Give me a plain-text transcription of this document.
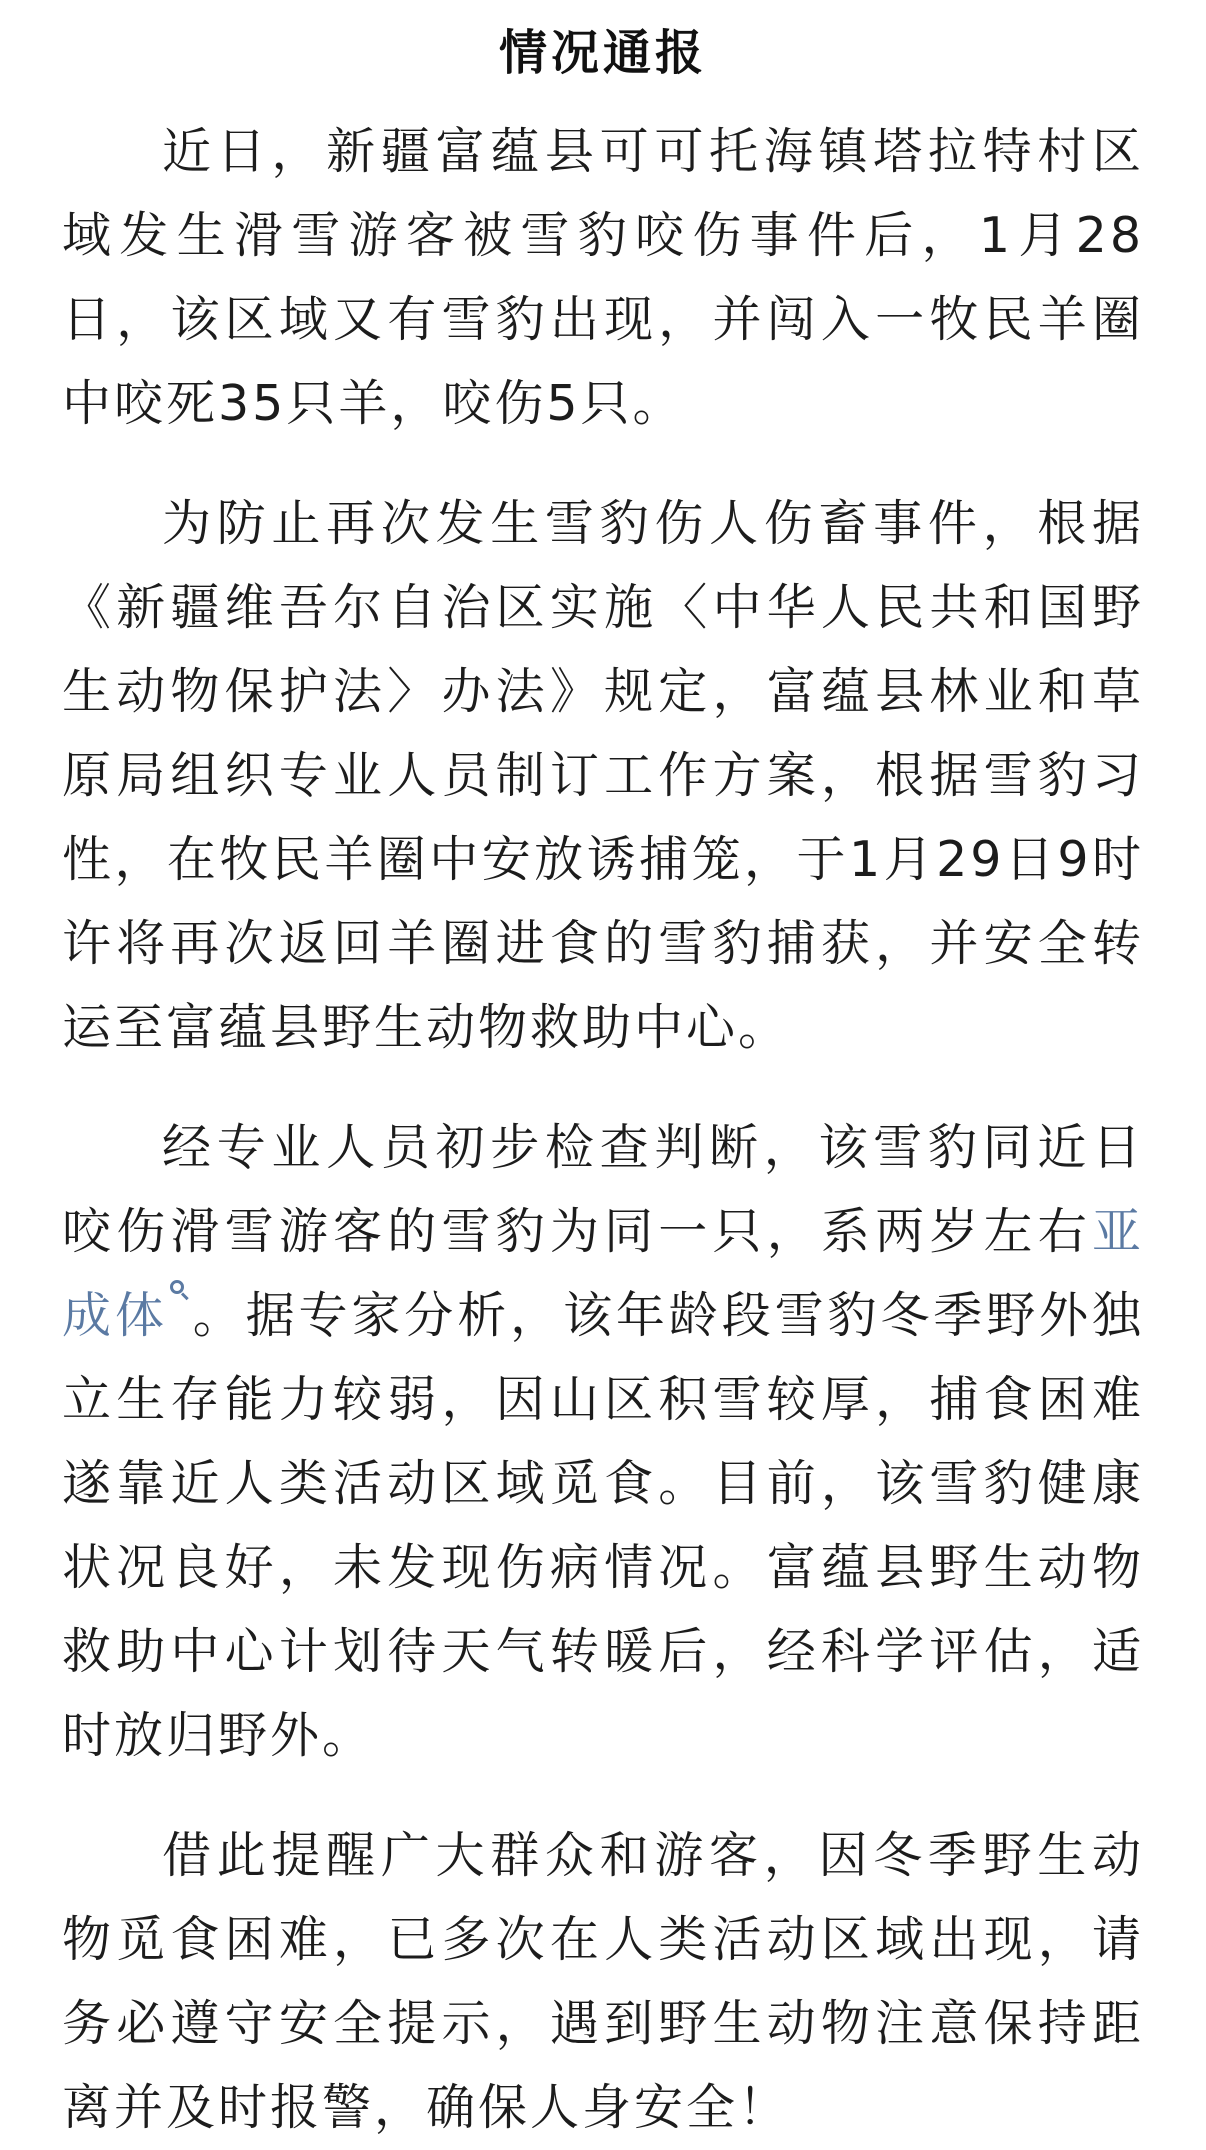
情况通报

近日，新疆富蕴县可可托海镇塔拉特村区域发生滑雪游客被雪豹咬伤事件后，1月28日，该区域又有雪豹出现，并闯入一牧民羊圈中咬死35只羊，咬伤5只。

为防止再次发生雪豹伤人伤畜事件，根据《新疆维吾尔自治区实施〈中华人民共和国野生动物保护法〉办法》规定，富蕴县林业和草原局组织专业人员制订工作方案，根据雪豹习性，在牧民羊圈中安放诱捕笼，于1月29日9时许将再次返回羊圈进食的雪豹捕获，并安全转运至富蕴县野生动物救助中心。

经专业人员初步检查判断，该雪豹同近日咬伤滑雪游客的雪豹为同一只，系两岁左右亚成体 。据专家分析，该年龄段雪豹冬季野外独立生存能力较弱，因山区积雪较厚，捕食困难遂靠近人类活动区域觅食。目前，该雪豹健康状况良好，未发现伤病情况。富蕴县野生动物救助中心计划待天气转暖后，经科学评估，适时放归野外。

借此提醒广大群众和游客，因冬季野生动物觅食困难，已多次在人类活动区域出现，请务必遵守安全提示，遇到野生动物注意保持距离并及时报警，确保人身安全！
